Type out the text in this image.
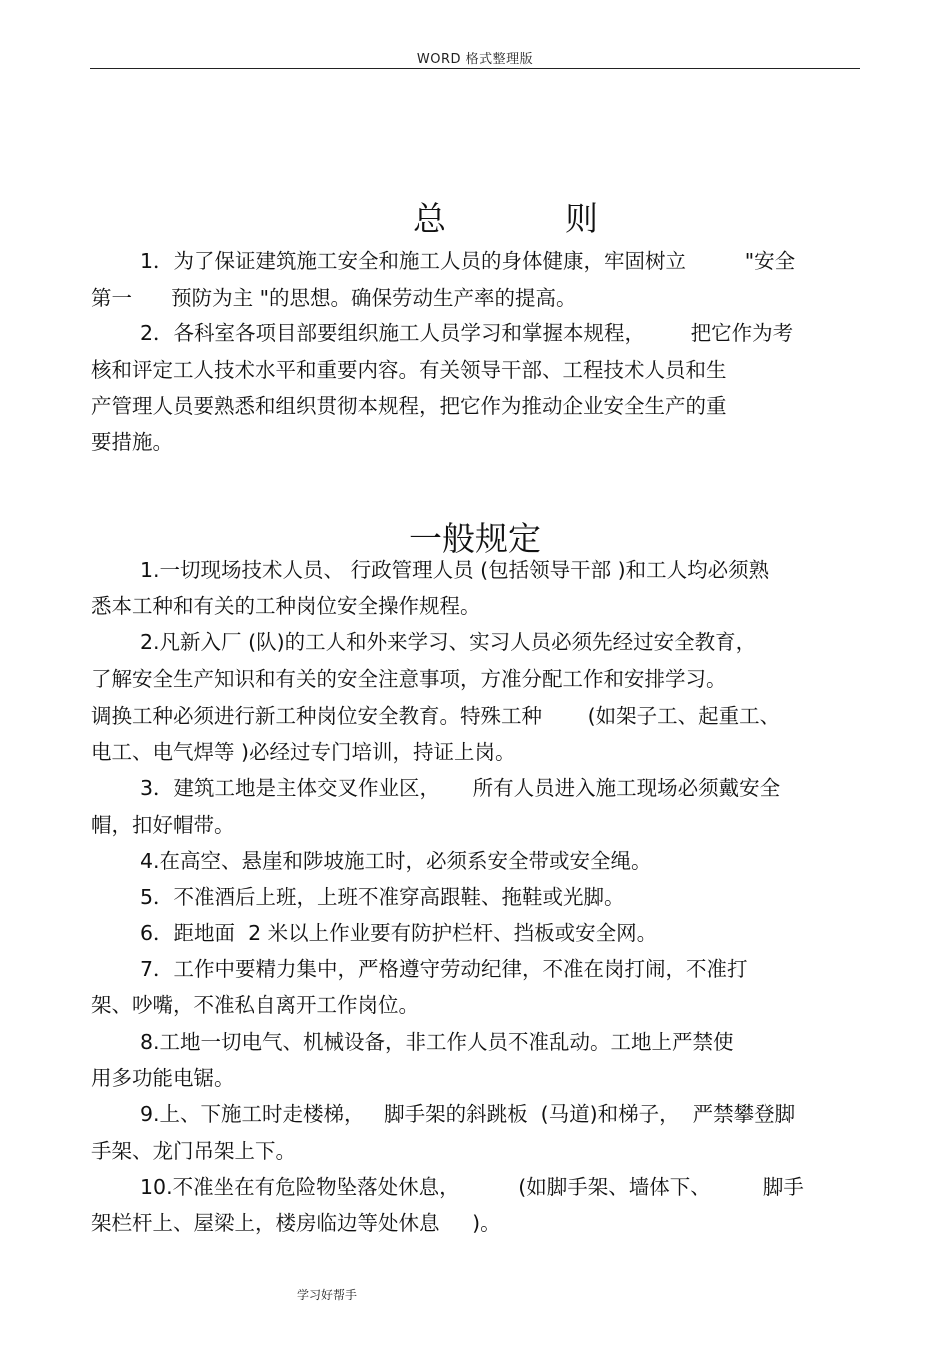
WORD 格式整理版
总	则
1．为了保证建筑施工安全和施工人员的身体健康，牢固树立         "安全
第一      预防为主 "的思想。确保劳动生产率的提高。
2．各科室各项目部要组织施工人员学习和掌握本规程，       把它作为考
核和评定工人技术水平和重要内容。有关领导干部、工程技术人员和生
产管理人员要熟悉和组织贯彻本规程，把它作为推动企业安全生产的重
要措施。
一般规定
1.一切现场技术人员、 行政管理人员 (包括领导干部 )和工人均必须熟
悉本工种和有关的工种岗位安全操作规程。
2.凡新入厂 (队)的工人和外来学习、实习人员必须先经过安全教育，
了解安全生产知识和有关的安全注意事项，方准分配工作和安排学习。
调换工种必须进行新工种岗位安全教育。特殊工种       (如架子工、起重工、
电工、电气焊等 )必经过专门培训，持证上岗。
3．建筑工地是主体交叉作业区，     所有人员进入施工现场必须戴安全
帽，扣好帽带。
4.在高空、悬崖和陟坡施工时，必须系安全带或安全绳。
5．不准酒后上班，上班不准穿高跟鞋、拖鞋或光脚。
6．距地面  2 米以上作业要有防护栏杆、挡板或安全网。
7．工作中要精力集中，严格遵守劳动纪律，不准在岗打闹，不准打
架、吵嘴，不准私自离开工作岗位。
8.工地一切电气、机械设备，非工作人员不准乱动。工地上严禁使
用多功能电锯。
9.上、下施工时走楼梯，   脚手架的斜跳板  (马道)和梯子，  严禁攀登脚
手架、龙门吊架上下。
10.不准坐在有危险物坠落处休息，         (如脚手架、墙体下、        脚手
架栏杆上、屋梁上，楼房临边等处休息     )。
学习好帮手
